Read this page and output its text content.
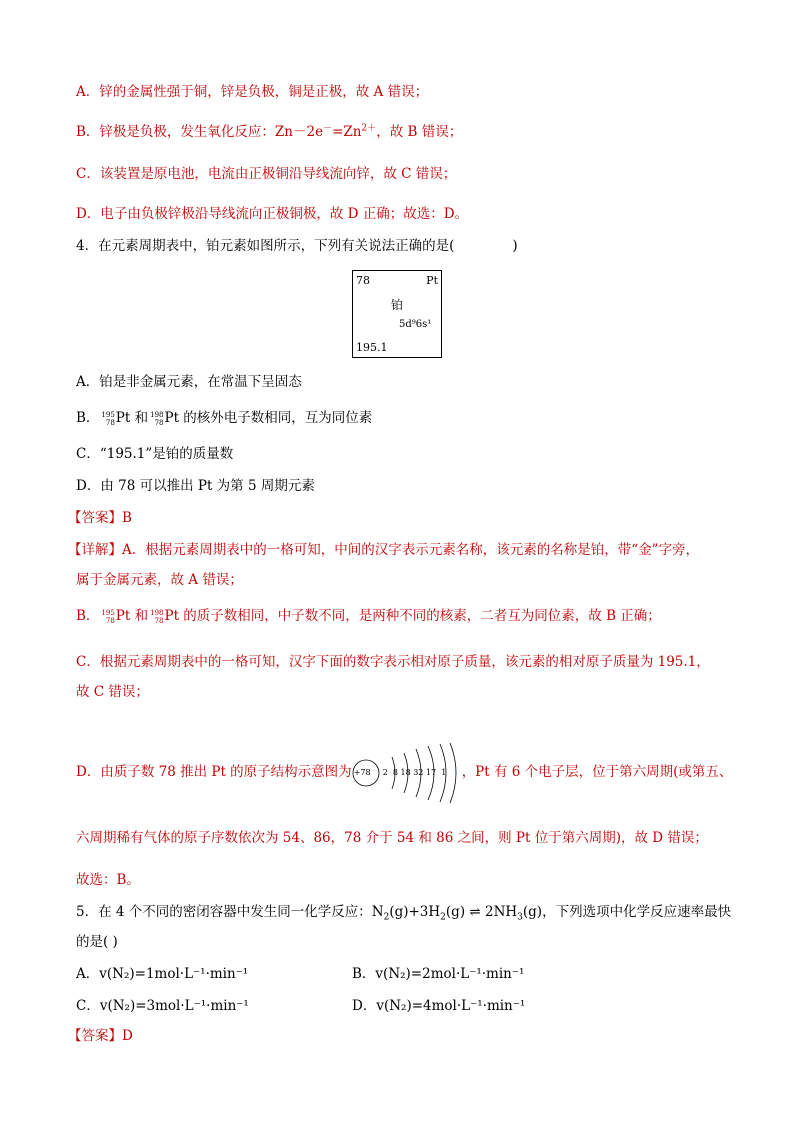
A．锌的金属性强于铜，锌是负极，铜是正极，故 A 错误；
B．锌极是负极，发生氧化反应：$Zn-2e^-=Zn^{2+}$，故 B 错误；
C．该装置是原电池，电流由正极铜沿导线流向锌，故 C 错误；
D．电子由负极锌极沿导线流向正极铜极，故 D 正确；故选：D。
4．在元素周期表中，铂元素如图所示，下列有关说法正确的是(	)
78	Pt
铂
5d⁹6s¹
195.1
A．铂是非金属元素，在常温下呈固态
B． 195
78 Pt 和 198
78 Pt 的核外电子数相同，互为同位素
C．“195.1”是铂的质量数
D．由 78 可以推出 Pt 为第 5 周期元素
【答案】B
【详解】A．根据元素周期表中的一格可知，中间的汉字表示元素名称，该元素的名称是铂，带“金”字旁，
属于金属元素，故 A 错误；
B． 195
78 Pt 和 198
78 Pt 的质子数相同，中子数不同，是两种不同的核素，二者互为同位素，故 B 正确；
C．根据元素周期表中的一格可知，汉字下面的数字表示相对原子质量，该元素的相对原子质量为 195.1，
故 C 错误；
D．由质子数 78 推出 Pt 的原子结构示意图为 +78 2  8 18 32 17  1 ，Pt 有 6 个电子层，位于第六周期(或第五、
六周期稀有气体的原子序数依次为 54、86，78 介于 54 和 86 之间，则 Pt 位于第六周期)，故 D 错误；
故选：B。
5．在 4 个不同的密闭容器中发生同一化学反应：$N_2(g)+3H_2(g)$ ⇌ $2NH_3(g)$，下列选项中化学反应速率最快
的是( )
A．v(N₂)=1mol·L⁻¹·min⁻¹	B．v(N₂)=2mol·L⁻¹·min⁻¹
C．v(N₂)=3mol·L⁻¹·min⁻¹	D．v(N₂)=4mol·L⁻¹·min⁻¹
【答案】D
